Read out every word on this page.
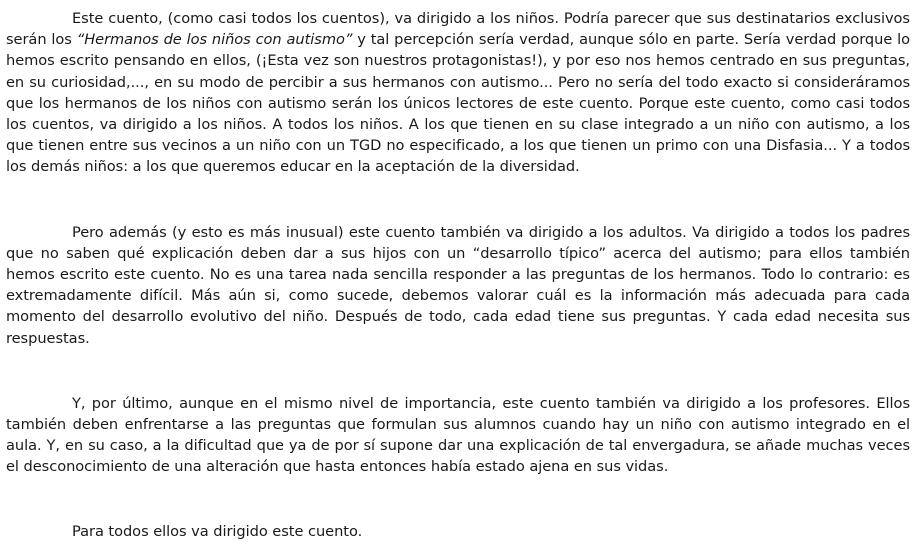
Este cuento, (como casi todos los cuentos), va dirigido a los niños. Podría parecer que sus destinatarios exclusivos serán los “Hermanos de los niños con autismo” y tal percepción sería verdad, aunque sólo en parte. Sería verdad porque lo hemos escrito pensando en ellos, (¡Esta vez son nuestros protagonistas!), y por eso nos hemos centrado en sus preguntas, en su curiosidad,..., en su modo de percibir a sus hermanos con autismo... Pero no sería del todo exacto si consideráramos que los hermanos de los niños con autismo serán los únicos lectores de este cuento. Porque este cuento, como casi todos los cuentos, va dirigido a los niños. A todos los niños. A los que tienen en su clase integrado a un niño con autismo, a los que tienen entre sus vecinos a un niño con un TGD no especificado, a los que tienen un primo con una Disfasia... Y a todos los demás niños: a los que queremos educar en la aceptación de la diversidad.

Pero además (y esto es más inusual) este cuento también va dirigido a los adultos. Va dirigido a todos los padres que no saben qué explicación deben dar a sus hijos con un “desarrollo típico” acerca del autismo; para ellos también hemos escrito este cuento. No es una tarea nada sencilla responder a las preguntas de los hermanos. Todo lo contrario: es extremadamente difícil. Más aún si, como sucede, debemos valorar cuál es la información más adecuada para cada momento del desarrollo evolutivo del niño. Después de todo, cada edad tiene sus preguntas. Y cada edad necesita sus respuestas.

Y, por último, aunque en el mismo nivel de importancia, este cuento también va dirigido a los profesores. Ellos también deben enfrentarse a las preguntas que formulan sus alumnos cuando hay un niño con autismo integrado en el aula. Y, en su caso, a la dificultad que ya de por sí supone dar una explicación de tal envergadura, se añade muchas veces el desconocimiento de una alteración que hasta entonces había estado ajena en sus vidas.

Para todos ellos va dirigido este cuento.
